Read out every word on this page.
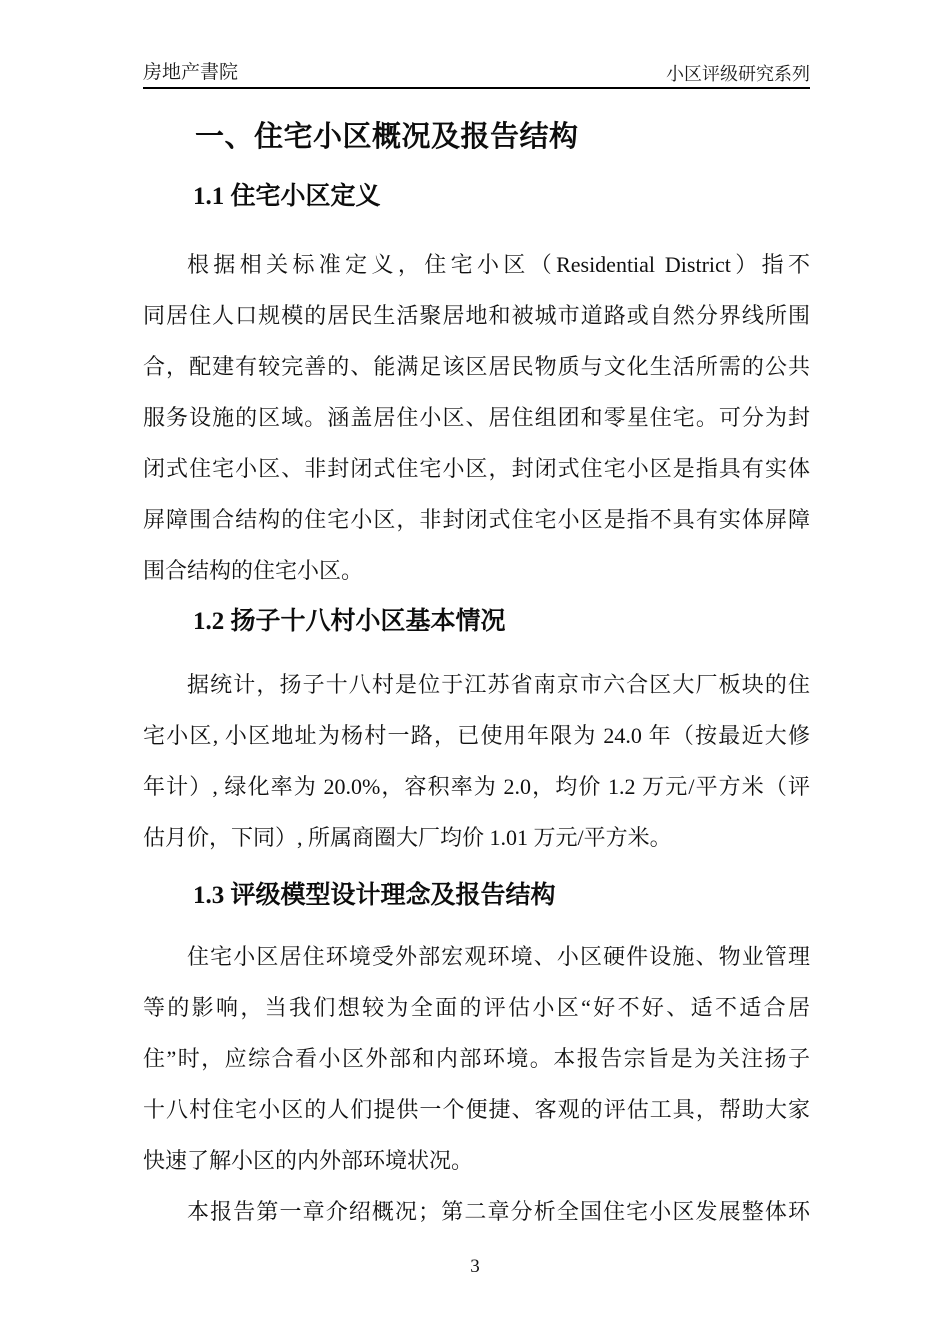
房地产書院	小区评级研究系列
一、住宅小区概况及报告结构
1.1 住宅小区定义
根据相关标准定义，住宅小区（Residential District）指不
同居住人口规模的居民生活聚居地和被城市道路或自然分界线所围
合，配建有较完善的、能满足该区居民物质与文化生活所需的公共
服务设施的区域。涵盖居住小区、居住组团和零星住宅。可分为封
闭式住宅小区、非封闭式住宅小区，封闭式住宅小区是指具有实体
屏障围合结构的住宅小区，非封闭式住宅小区是指不具有实体屏障
围合结构的住宅小区。
1.2 扬子十八村小区基本情况
据统计，扬子十八村是位于江苏省南京市六合区大厂板块的住
宅小区, 小区地址为杨村一路，已使用年限为 24.0 年（按最近大修
年计）, 绿化率为 20.0%，容积率为 2.0，均价 1.2 万元/平方米（评
估月价，下同）, 所属商圈大厂均价 1.01 万元/平方米。
1.3 评级模型设计理念及报告结构
住宅小区居住环境受外部宏观环境、小区硬件设施、物业管理
等的影响，当我们想较为全面的评估小区“好不好、适不适合居
住”时，应综合看小区外部和内部环境。本报告宗旨是为关注扬子
十八村住宅小区的人们提供一个便捷、客观的评估工具，帮助大家
快速了解小区的内外部环境状况。
本报告第一章介绍概况；第二章分析全国住宅小区发展整体环
3
